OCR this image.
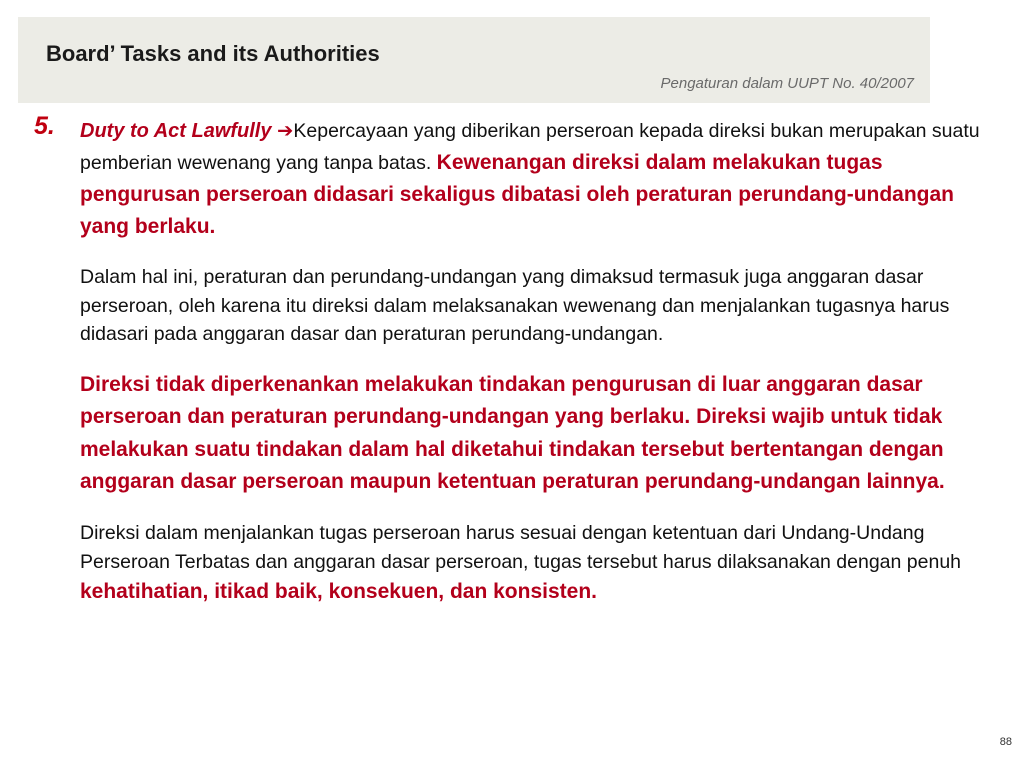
Board’ Tasks and its Authorities
Pengaturan dalam UUPT No. 40/2007
5. Duty to Act Lawfully ➔Kepercayaan yang diberikan perseroan kepada direksi bukan merupakan suatu pemberian wewenang yang tanpa batas. Kewenangan direksi dalam melakukan tugas pengurusan perseroan didasari sekaligus dibatasi oleh peraturan perundang-undangan yang berlaku.

Dalam hal ini, peraturan dan perundang-undangan yang dimaksud termasuk juga anggaran dasar perseroan, oleh karena itu direksi dalam melaksanakan wewenang dan menjalankan tugasnya harus didasari pada anggaran dasar dan peraturan perundang-undangan.

Direksi tidak diperkenankan melakukan tindakan pengurusan di luar anggaran dasar perseroan dan peraturan perundang-undangan yang berlaku. Direksi wajib untuk tidak melakukan suatu tindakan dalam hal diketahui tindakan tersebut bertentangan dengan anggaran dasar perseroan maupun ketentuan peraturan perundang-undangan lainnya.

Direksi dalam menjalankan tugas perseroan harus sesuai dengan ketentuan dari Undang-Undang Perseroan Terbatas dan anggaran dasar perseroan, tugas tersebut harus dilaksanakan dengan penuh kehatihatian, itikad baik, konsekuen, dan konsisten.

88
